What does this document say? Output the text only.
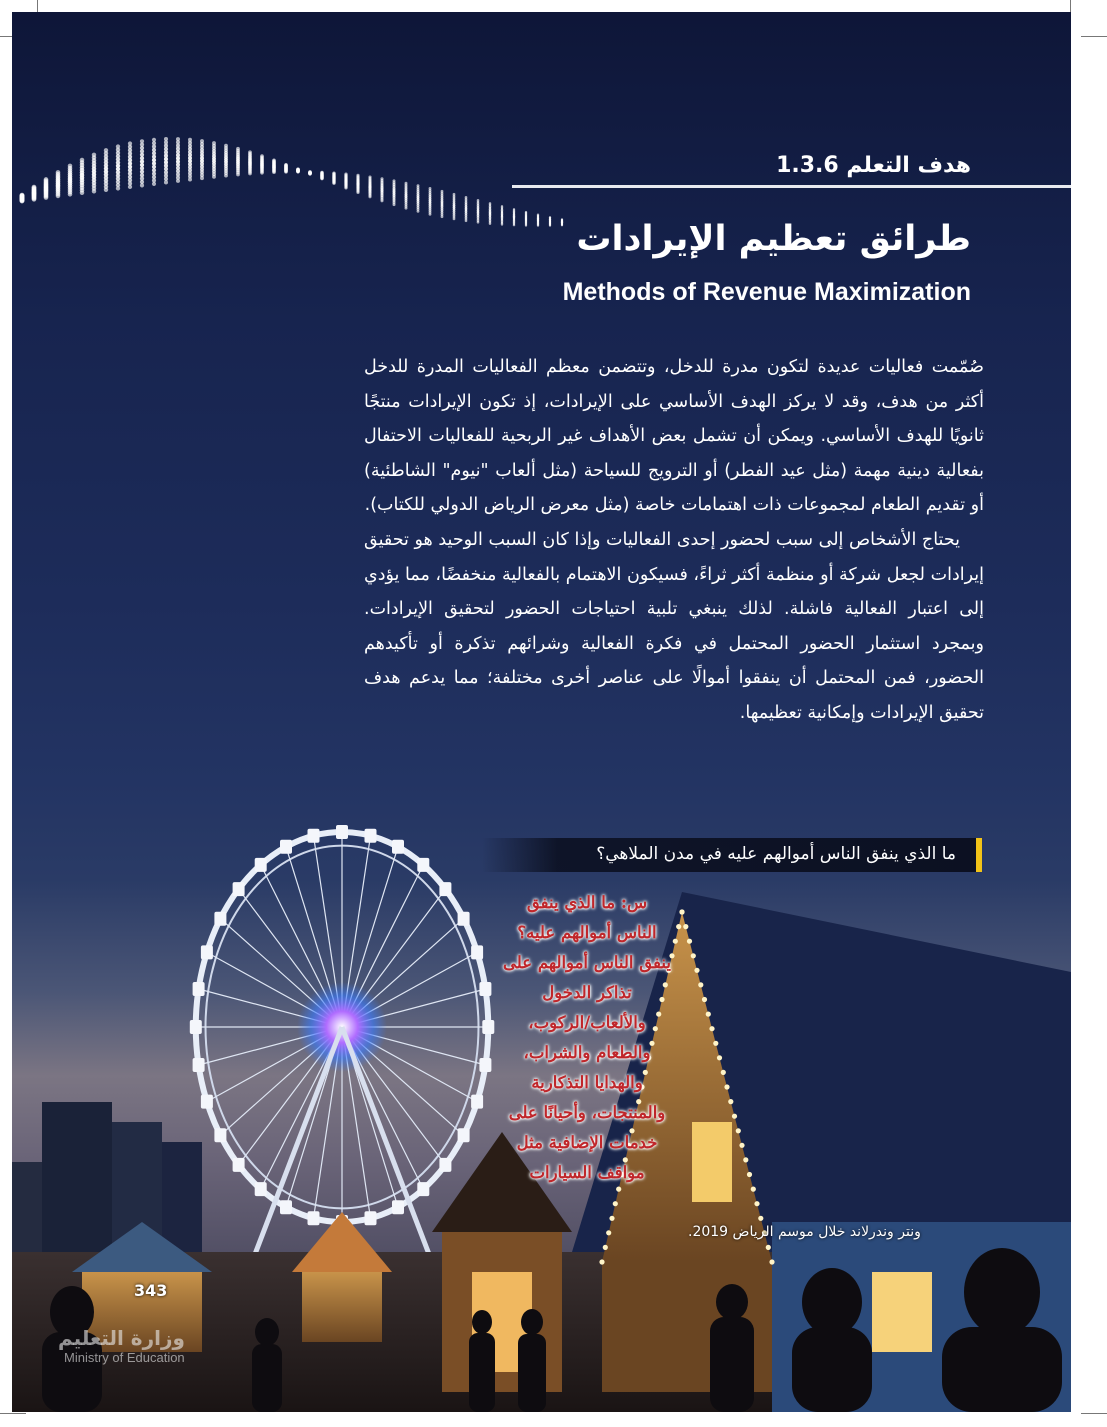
هدف التعلم 1.3.6
طرائق تعظيم الإيرادات
Methods of Revenue Maximization

صُمّمت فعاليات عديدة لتكون مدرة للدخل، وتتضمن معظم الفعاليات المدرة للدخل أكثر من هدف، وقد لا يركز الهدف الأساسي على الإيرادات، إذ تكون الإيرادات منتجًا ثانويًا للهدف الأساسي. ويمكن أن تشمل بعض الأهداف غير الربحية للفعاليات الاحتفال بفعالية دينية مهمة (مثل عيد الفطر) أو الترويج للسياحة (مثل ألعاب "نيوم" الشاطئية) أو تقديم الطعام لمجموعات ذات اهتمامات خاصة (مثل معرض الرياض الدولي للكتاب).

يحتاج الأشخاص إلى سبب لحضور إحدى الفعاليات وإذا كان السبب الوحيد هو تحقيق إيرادات لجعل شركة أو منظمة أكثر ثراءً، فسيكون الاهتمام بالفعالية منخفضًا، مما يؤدي إلى اعتبار الفعالية فاشلة. لذلك ينبغي تلبية احتياجات الحضور لتحقيق الإيرادات. وبمجرد استثمار الحضور المحتمل في فكرة الفعالية وشرائهم تذكرة أو تأكيدهم الحضور، فمن المحتمل أن ينفقوا أموالًا على عناصر أخرى مختلفة؛ مما يدعم هدف تحقيق الإيرادات وإمكانية تعظيمها.

ما الذي ينفق الناس أموالهم عليه في مدن الملاهي؟
س: ما الذي ينفق
الناس أموالهم عليه؟
ينفق الناس أموالهم على
تذاكر الدخول
والألعاب/الركوب،
والطعام والشراب،
والهدايا التذكارية
والمنتجات، وأحيانًا على
خدمات الإضافية مثل
مواقف السيارات
ونتر وندرلاند خلال موسم الرياض 2019.
343
وزارة التعليم
Ministry of Education
